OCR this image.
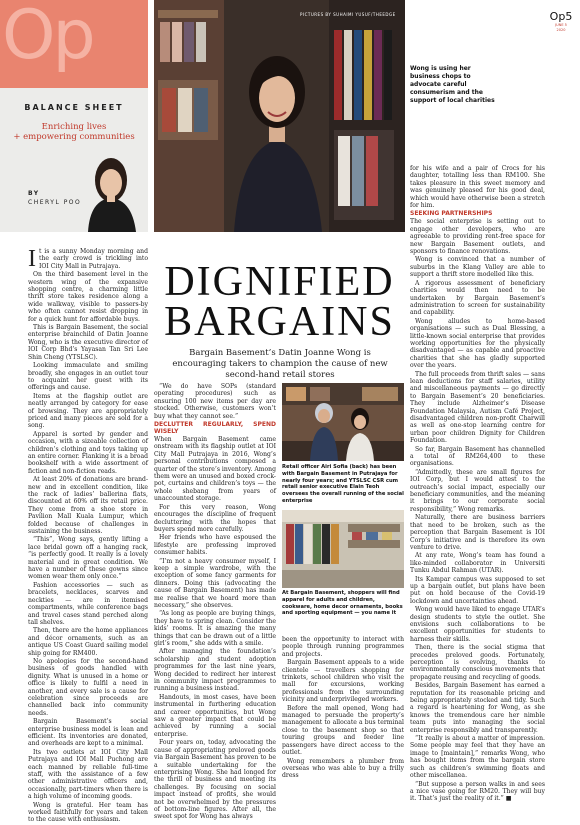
Op
BALANCE SHEET
Enriching lives
+ empowering communities
BY
CHERYL POO
PICTURES BY SUHAIMI YUSUF/THEEDGE
Wong is using her business chops to advocate careful consumerism and the support of local charities
Op5
JUNE 5
2020
DIGNIFIED
BARGAINS
Bargain Basement’s Datin Joanne Wong is encouraging takers to champion the cause of new second-hand retail stores

It is a sunny Monday morning and the early crowd is trickling into IOI City Mall in Putrajaya.

On the third basement level in the western wing of the expansive shopping centre, a charming little thrift store takes residence along a wide walkway, visible to passers-by who often cannot resist dropping in for a quick hunt for affordable buys.

This is Bargain Basement, the social enterprise brainchild of Datin Joanne Wong, who is the executive director of IOI Corp Bhd’s Yayasan Tan Sri Lee Shin Cheng (YTSLSC).

Looking immaculate and smiling broadly, she engages in an outlet tour to acquaint her guest with its offerings and cause.

Items at the flagship outlet are neatly arranged by category for ease of browsing. They are appropriately priced and many pieces are sold for a song.

Apparel is sorted by gender and occasion, with a sizeable collection of children’s clothing and toys taking up an entire corner. Flanking it is a broad bookshelf with a wide assortment of fiction and non-fiction reads.

At least 20% of donations are brand-new and in excellent condition, like the rack of ladies’ ballerina flats, discounted at 60% off its retail price. They come from a shoe store in Pavilion Mall Kuala Lumpur, which folded because of challenges in sustaining the business.

“This”, Wong says, gently lifting a lace bridal gown off a hanging rack, “is perfectly good. It really is a lovely material and in great condition. We have a number of these gowns since women wear them only once.”

Fashion accessories — such as bracelets, necklaces, scarves and neckties — are in itemised compartments, while conference bags and travel cases stand perched along tall shelves.

Then, there are the home appliances and décor ornaments, such as an antique US Coast Guard sailing model ship going for RM400.

No apologies for the second-hand business of goods handled with dignity. What is unused in a home or office is likely to fulfil a need in another, and every sale is a cause for celebration since proceeds are channelled back into community needs.

Bargain Basement’s social enterprise business model is lean and efficient. Its inventories are donated, and overheads are kept to a minimal.

Its two outlets at IOI City Mall Putrajaya and IOI Mall Puchong are each manned by reliable full-time staff, with the assistance of a few other administrative officers and, occasionally, part-timers when there is a high volume of incoming goods.

Wong is grateful. Her team has worked faithfully for years and taken to the cause with enthusiasm.

“We do have SOPs (standard operating procedures) such as ensuring 100 new items per day are stocked. Otherwise, customers won’t buy what they cannot see.”

DECLUTTER REGULARLY, SPEND WISELY

When Bargain Basement came onstream with its flagship outlet at IOI City Mall Putrajaya in 2016, Wong’s personal contributions composed a quarter of the store’s inventory. Among them were an unused and boxed crock-pot, curtains and children’s toys — the whole shebang from years of unaccounted storage.

For this very reason, Wong encourages the discipline of frequent decluttering with the hopes that buyers spend more carefully.

Her friends who have espoused the lifestyle are professing improved consumer habits.

“I’m not a heavy consumer myself, I keep a simple wardrobe, with the exception of some fancy garments for dinners. Doing this (advocating the cause of Bargain Basement) has made me realise that we hoard more than necessary,” she observes.

“As long as people are buying things, they have to spring clean. Consider the kids’ rooms. It is amazing the many things that can be drawn out of a little girl’s room,” she adds with a smile.

After managing the foundation’s scholarship and student adoption programmes for the last nine years, Wong decided to redirect her interest in community impact programmes to running a business instead.

Handouts, in most cases, have been instrumental in furthering education and career opportunities, but Wong saw a greater impact that could be achieved by running a social enterprise.

Four years on, today, advocating the cause of appropriating preloved goods via Bargain Basement has proven to be a suitable undertaking for the enterprising Wong. She had longed for the thrill of business and meeting its challenges. By focusing on social impact instead of profits, she would not be overwhelmed by the pressures of bottom-line figures. After all, the sweet spot for Wong has always

Retail officer Airi Sofia (back) has been with Bargain Basement in Putrajaya for nearly four years; and YTSLSC CSR cum retail senior executive Elain Teoh oversees the overall running of the social enterprise
At Bargain Basement, shoppers will find apparel for adults and children, cookware, home decor ornaments, books and sporting equipment — you name it

been the opportunity to interact with people through running programmes and projects.

Bargain Basement appeals to a wide clientele — travellers shopping for trinkets, school children who visit the mall for excursions, working professionals from the surrounding vicinity and underprivileged workers.

Before the mall opened, Wong had managed to persuade the property’s management to allocate a bus terminal close to the basement shop so that touring groups and feeder line passengers have direct access to the outlet.

Wong remembers a plumber from overseas who was able to buy a frilly dress

for his wife and a pair of Crocs for his daughter, totalling less than RM100. She takes pleasure in this sweet memory and was genuinely pleased for his good deal, which would have otherwise been a stretch for him.

SEEKING PARTNERSHIPS

The social enterprise is setting out to engage other developers, who are agreeable to providing rent-free space for new Bargain Basement outlets, and sponsors to finance renovations.

Wong is convinced that a number of suburbs in the Klang Valley are able to support a thrift store modelled like this.

A rigorous assessment of beneficiary charities would then need to be undertaken by Bargain Basement’s administration to screen for sustainability and capability.

Wong alludes to home-based organisations — such as Dual Blessing, a little-known social enterprise that provides working opportunities for the physically disadvantaged — as capable and proactive charities that she has gladly supported over the years.

The full proceeds from thrift sales — sans lean deductions for staff salaries, utility and miscellaneous payments — go directly to Bargain Basement’s 20 beneficiaries. They include Alzheimer’s Disease Foundation Malaysia, Autism Café Project, disadvantaged children non-profit Charwill as well as one-stop learning centre for urban poor children Dignity for Children Foundation.

So far, Bargain Basement has channelled a total of RM264,400 to these organisations.

“Admittedly, these are small figures for IOI Corp, but I would attest to the outreach’s social impact, especially our beneficiary communities, and the meaning it brings to our corporate social responsibility,” Wong remarks.

Naturally, there are business barriers that need to be broken, such as the perception that Bargain Basement is IOI Corp’s initiative and is therefore its own venture to drive.

At any rate, Wong’s team has found a like-minded collaborator in Universiti Tunku Abdul Rahman (UTAR).

Its Kampar campus was supposed to set up a bargain outlet, but plans have been put on hold because of the Covid-19 lockdown and uncertainties ahead.

Wong would have liked to engage UTAR’s design students to style the outlet. She envisions such collaborations to be excellent opportunities for students to harness their skills.

Then, there is the social stigma that precedes preloved goods. Fortunately, perception is evolving, thanks to environmentally conscious movements that propagate reusing and recycling of goods.

Besides, Bargain Basement has earned a reputation for its reasonable pricing and being appropriately stocked and tidy. Such a regard is heartening for Wong, as she knows the tremendous care her nimble team puts into managing the social enterprise responsibly and transparently.

“It really is about a matter of impression. Some people may feel that they have an image to [maintain],” remarks Wong, who has bought items from the bargain store such as children’s swimming floats and other miscellanea.

“But suppose a person walks in and sees a nice vase going for RM20. They will buy it. That’s just the reality of it.” ■
